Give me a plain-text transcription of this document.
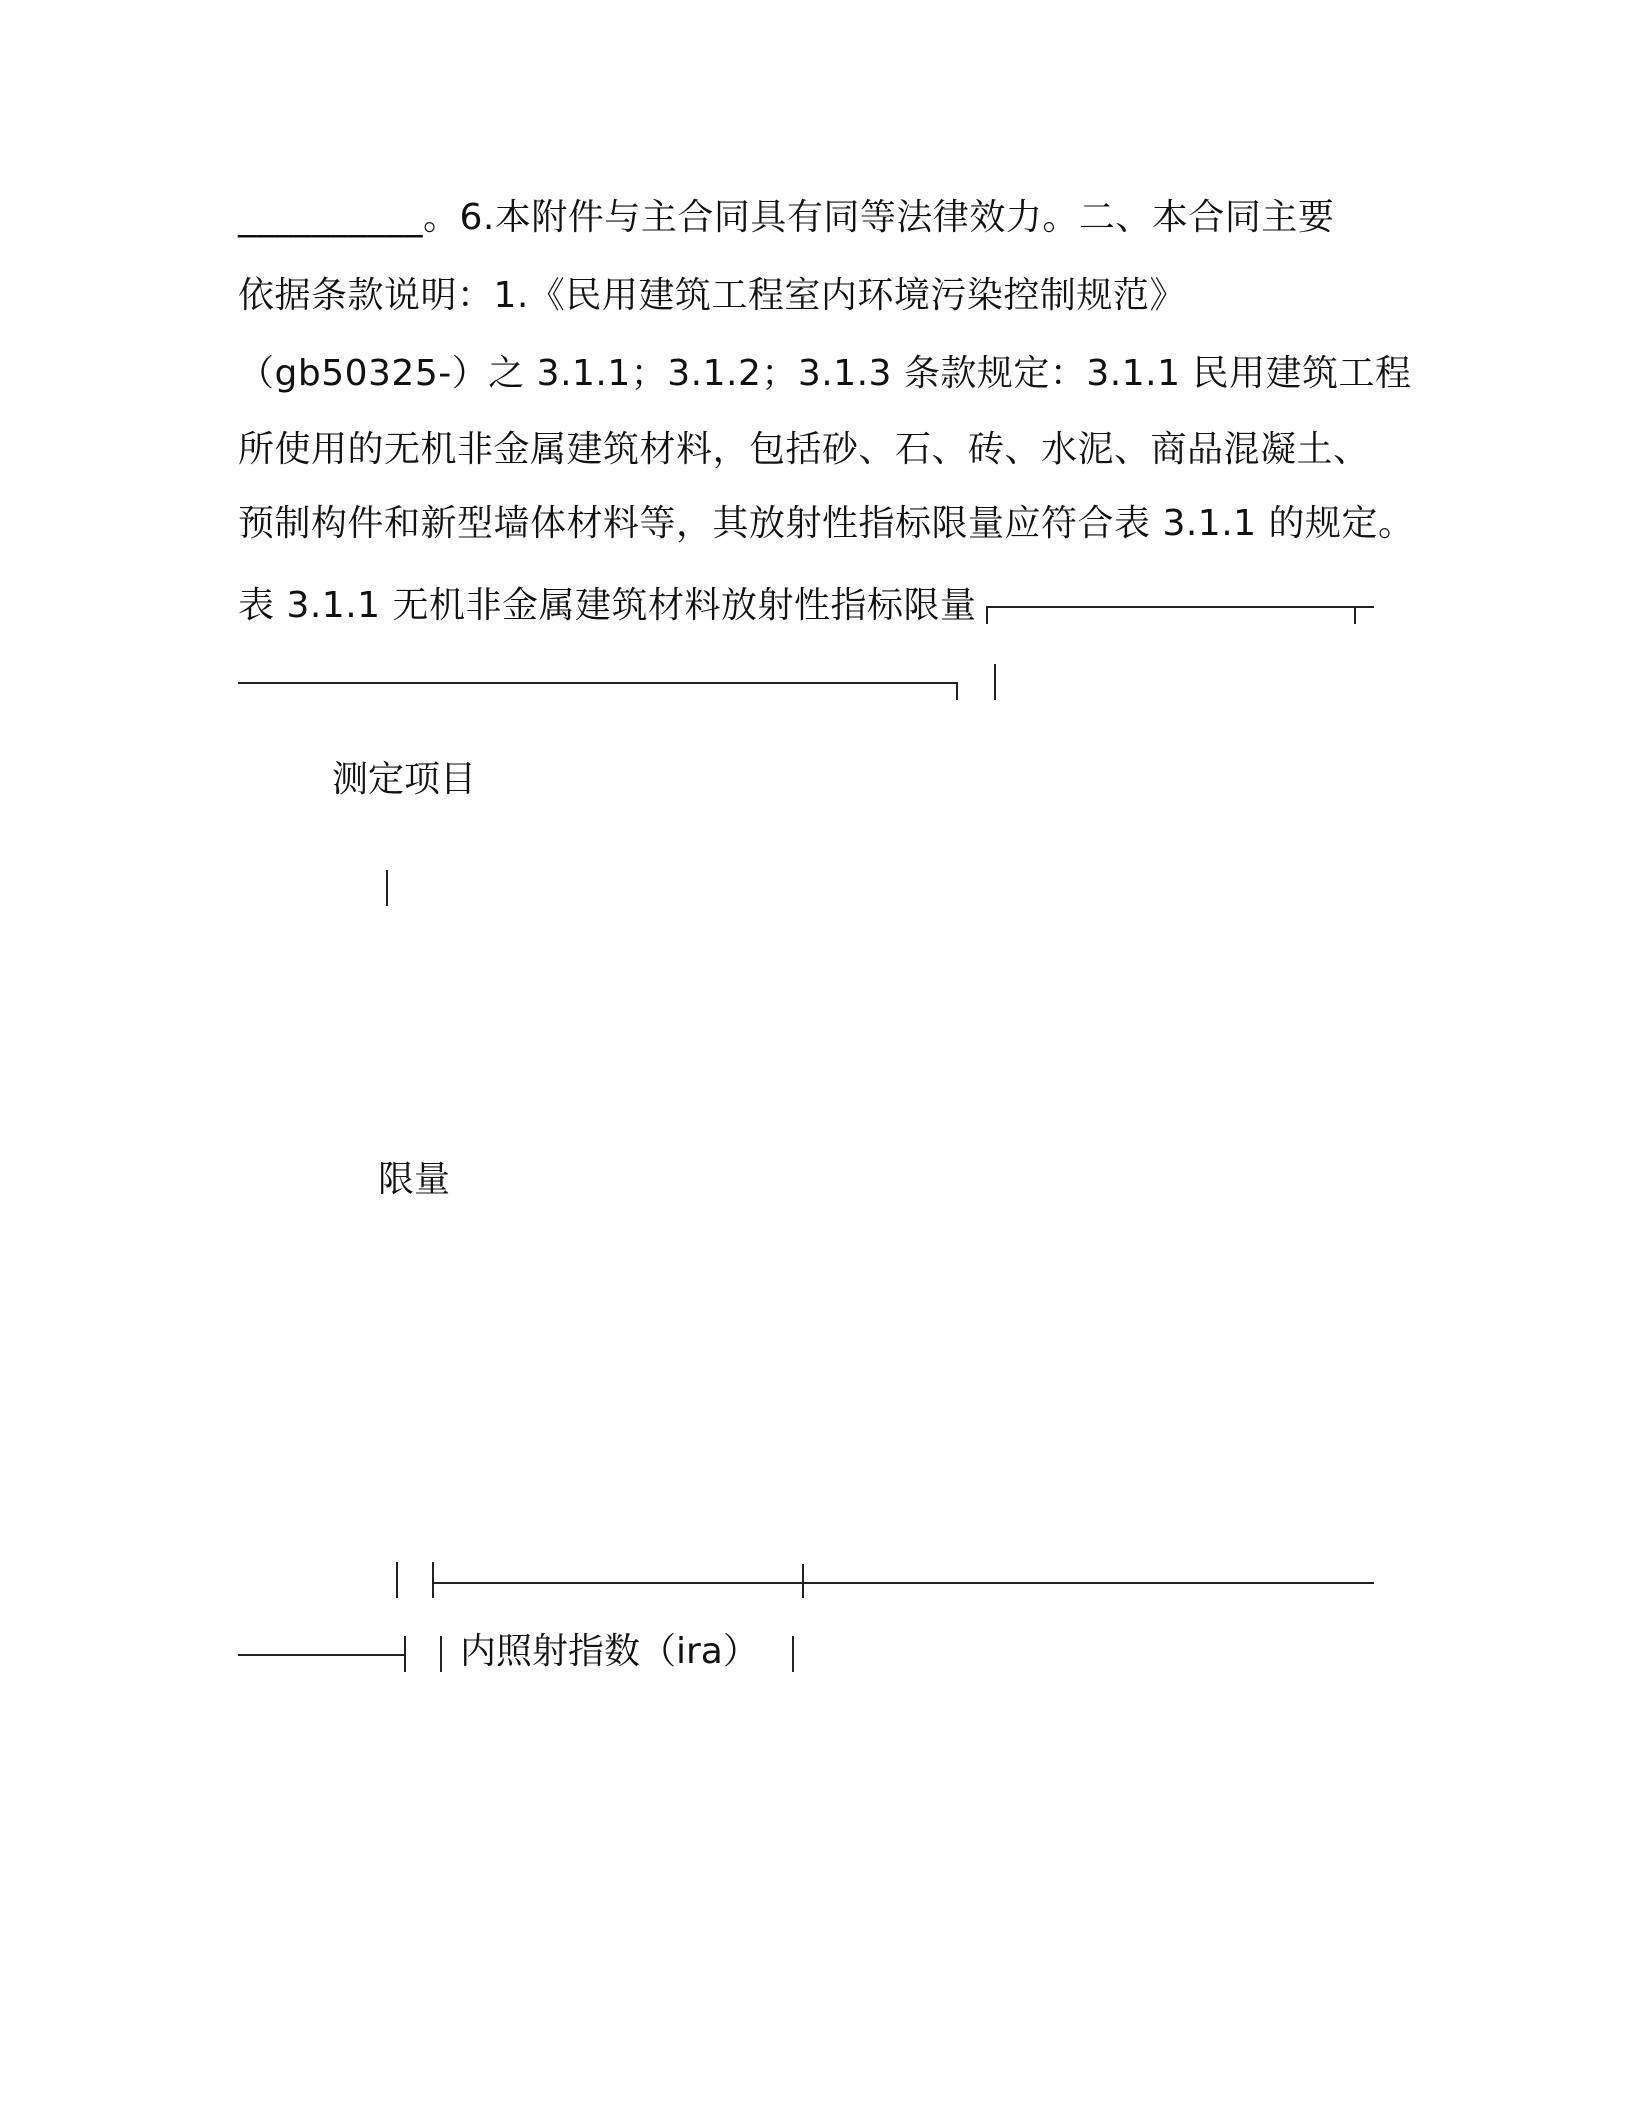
__________。6.本附件与主合同具有同等法律效力。二、本合同主要
依据条款说明：1.《民用建筑工程室内环境污染控制规范》
（gb50325-）之 3.1.1；3.1.2；3.1.3 条款规定：3.1.1 民用建筑工程
所使用的无机非金属建筑材料，包括砂、石、砖、水泥、商品混凝土、
预制构件和新型墙体材料等，其放射性指标限量应符合表 3.1.1 的规定。
表 3.1.1 无机非金属建筑材料放射性指标限量
测定项目
限量
内照射指数（ira）
